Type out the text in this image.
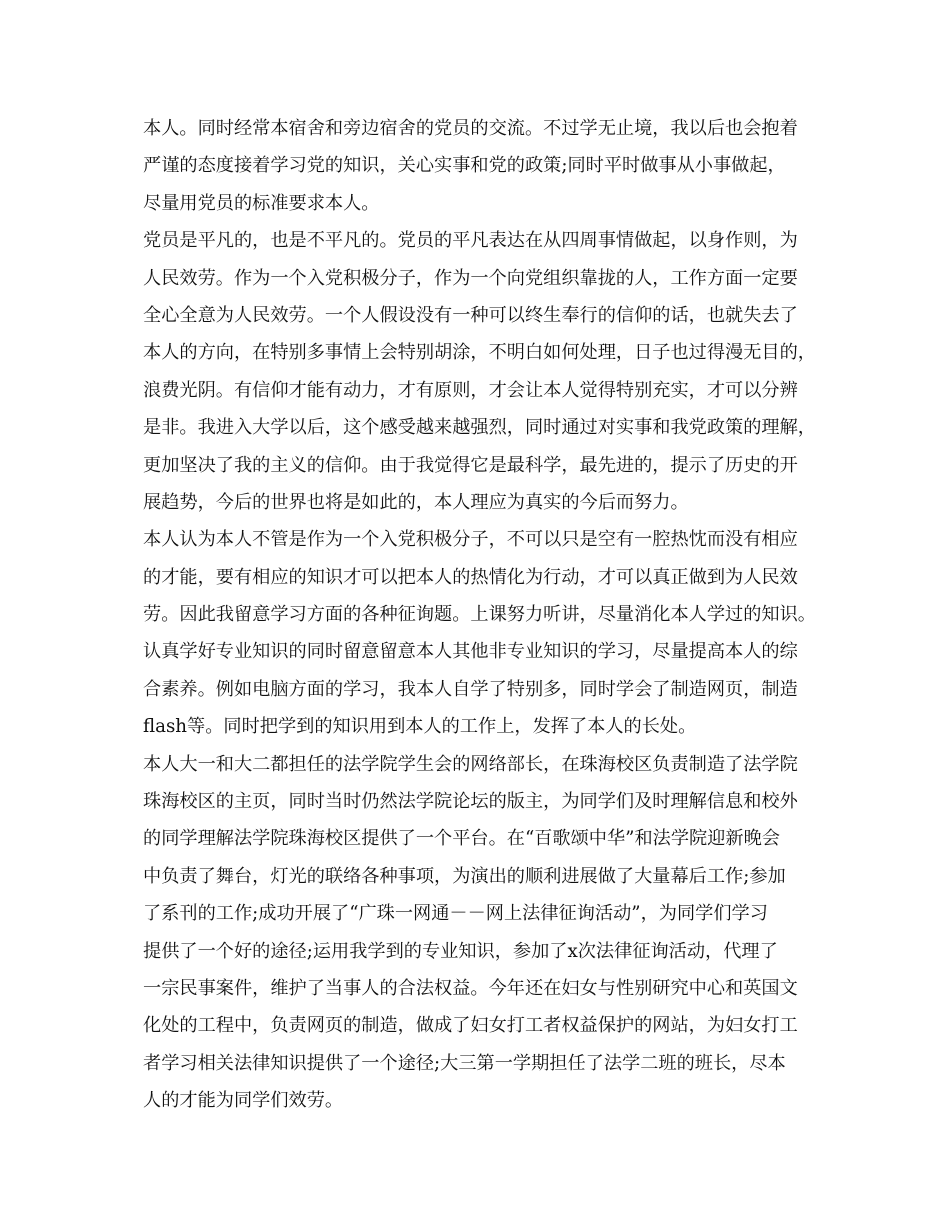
本人。同时经常本宿舍和旁边宿舍的党员的交流。不过学无止境，我以后也会抱着
严谨的态度接着学习党的知识，关心实事和党的政策;同时平时做事从小事做起，
尽量用党员的标准要求本人。
党员是平凡的，也是不平凡的。党员的平凡表达在从四周事情做起，以身作则，为
人民效劳。作为一个入党积极分子，作为一个向党组织靠拢的人，工作方面一定要
全心全意为人民效劳。一个人假设没有一种可以终生奉行的信仰的话，也就失去了
本人的方向，在特别多事情上会特别胡涂，不明白如何处理，日子也过得漫无目的，
浪费光阴。有信仰才能有动力，才有原则，才会让本人觉得特别充实，才可以分辨
是非。我进入大学以后，这个感受越来越强烈，同时通过对实事和我党政策的理解，
更加坚决了我的主义的信仰。由于我觉得它是最科学，最先进的，提示了历史的开
展趋势，今后的世界也将是如此的，本人理应为真实的今后而努力。
本人认为本人不管是作为一个入党积极分子，不可以只是空有一腔热忱而没有相应
的才能，要有相应的知识才可以把本人的热情化为行动，才可以真正做到为人民效
劳。因此我留意学习方面的各种征询题。上课努力听讲，尽量消化本人学过的知识。
认真学好专业知识的同时留意留意本人其他非专业知识的学习，尽量提高本人的综
合素养。例如电脑方面的学习，我本人自学了特别多，同时学会了制造网页，制造
flash等。同时把学到的知识用到本人的工作上，发挥了本人的长处。
本人大一和大二都担任的法学院学生会的网络部长，在珠海校区负责制造了法学院
珠海校区的主页，同时当时仍然法学院论坛的版主，为同学们及时理解信息和校外
的同学理解法学院珠海校区提供了一个平台。在“百歌颂中华”和法学院迎新晚会
中负责了舞台，灯光的联络各种事项，为演出的顺利进展做了大量幕后工作;参加
了系刊的工作;成功开展了“广珠一网通－－网上法律征询活动”，为同学们学习
提供了一个好的途径;运用我学到的专业知识，参加了x次法律征询活动，代理了
一宗民事案件，维护了当事人的合法权益。今年还在妇女与性别研究中心和英国文
化处的工程中，负责网页的制造，做成了妇女打工者权益保护的网站，为妇女打工
者学习相关法律知识提供了一个途径;大三第一学期担任了法学二班的班长，尽本
人的才能为同学们效劳。
